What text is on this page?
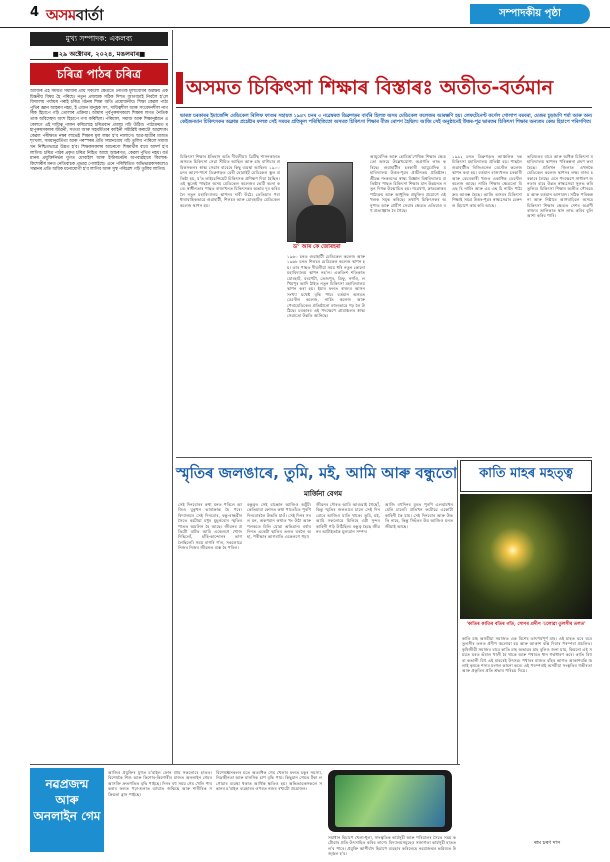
4 অসমবাৰ্তা	সম্পাদকীয় পৃষ্ঠা
মুখ্য সম্পাদক: একলব্য
■২৯ অক্টোবৰ, ২০২৪, মঙলবাৰ■
চৰিত্ৰ পাঠৰ চৰিত্ৰ
আজিৰ এই সময়ত সমাজৰ প্ৰায় সকলো ক্ষেত্ৰতে নৈতিক মূল্যবোধৰ অৱক্ষয় এক চিন্তনীয় বিষয় হৈ পৰিছে। নতুন প্ৰজন্মক সঠিক দিশত আগবঢ়াই নিবলৈ হ'লে বিদ্যালয় পৰ্যায়ৰ পৰাই চৰিত্ৰ গঠনৰ শিক্ষা অতি প্ৰয়োজনীয়। শিক্ষা কেৱল পাঠ্যপুথিৰ জ্ঞান আহৰণ নহয়, ই এজন মানুহক সৎ, দায়িত্বশীল আৰু সংবেদনশীল নাগৰিক হিচাপে গঢ়ি তোলাৰ প্ৰক্ৰিয়া। আমাৰ পূৰ্বপুৰুষসকলে শিক্ষাৰ লগত নৈতিকতাক অবিচ্ছেদ্য অংশ হিচাপে গণ্য কৰিছিল। পৰিয়াল, সমাজ আৰু শিক্ষানুষ্ঠানে একেলগে এই দায়িত্ব পালন কৰিলেহে চৰিত্ৰবান প্ৰজন্ম গঢ়ি উঠিব। পাঠ্যক্ৰমত মহাপুৰুষসকলৰ জীৱনী, সততা আৰু সহমৰ্মিতাৰ কাহিনী সন্নিৱিষ্ট কৰাটো আৱশ্যক। কেৱল পৰীক্ষাত নম্বৰ লাভেই শিক্ষাৰ মূল লক্ষ্য হ'ব নালাগে। ছাত্ৰ-ছাত্ৰীৰ মাজত শৃংখলা, সময়ানুৱৰ্তিতা আৰু পৰস্পৰৰ প্ৰতি সন্মানবোধ গঢ়ি তুলিব পাৰিলে সমাজখন নিশ্চিতভাৱে উন্নত হ'ব। শিক্ষকসকলৰ আচৰণো শিক্ষাৰ্থীৰ বাবে আদৰ্শ হ'ব লাগিব। চৰিত্ৰ পাঠৰ প্ৰকৃত চৰিত্ৰ নিহিত আছে আচৰণত, কেৱল পুথিত নহয়। বৰ্তমানৰ প্ৰযুক্তিনিৰ্ভৰ যুগত মোবাইল আৰু ইণ্টাৰনেটৰ অপব্যৱহাৰে কিশোৰ-কিশোৰীৰ মনত নেতিবাচক প্ৰভাৱ পেলাইছে। এনে পৰিস্থিতিত অভিভাৱকসকলেও সন্তানৰ প্ৰতি অধিক মনোযোগী হ'ব লাগিব আৰু সুস্থ পৰিৱেশ গঢ়ি তুলিব লাগিব।
অসমত চিকিৎসা শিক্ষাৰ বিস্তাৰঃ অতীত-বৰ্তমান
ভাৰত চৰকাৰৰ ইমাৰ্জেন্সি মেডিকেল ৰিলিফ ফাণ্ডৰ সহায়ত ১৯৪৭ চনৰ ৩ নৱেম্বৰত ডিব্ৰুগড়ৰ বাৰ্বৰি হিলত অসম মেডিকেল কলেজৰ আৰম্ভণি হয়। লেফটেনেণ্ট কৰ্ণেল গোলাপ বৰবৰা, মেজৰ চূড়ামণি শৰ্মা আৰু অন্য কেইজনমান চিকিৎসকৰ অক্লান্ত প্ৰচেষ্টাৰ ফলত সেই সময়ৰ প্ৰতিকূল পৰিস্থিতিতো অসমত চিকিৎসা শিক্ষাৰ বীজ ৰোপণ হৈছিল। আজি সেই অনুষ্ঠানেই উত্তৰ-পূৱ ভাৰতৰ চিকিৎসা শিক্ষাৰ অন্যতম কেন্দ্ৰ হিচাপে পৰিগণিত।
চিকিৎসা শিক্ষাৰ ইতিহাস অতি দীঘলীয়া। ব্ৰিটিছ শাসনকালত অসমত চিকিৎসা সেৱা সীমিত আছিল আৰু চাহ বাগিচাৰ শ্ৰমিকসকলৰ স্বাস্থ্য সেৱাৰ বাবেহে কিছু ব্যৱস্থা আছিল। ১৯০০ চনৰ আশে-পাশে ডিব্ৰুগড়ত বেৰী হোৱাইট মেডিকেল স্কুল প্ৰতিষ্ঠা হয়, য'ত লাইচেন্সিয়েট চিকিৎসক প্ৰশিক্ষণ দিয়া হৈছিল। এই স্কুলেই পাছলৈ অসম মেডিকেল কলেজৰ ভেটি ৰচনা কৰে। স্বাধীনতাৰ পাছত ৰাজ্যখনত চিকিৎসকৰ অভাৱ দূৰ কৰিবলৈ নতুন মহাবিদ্যালয় স্থাপনৰ দাবী উঠে। তেতিয়াৰ পৰা ধাৰাবাহিকভাৱে গুৱাহাটী, শিলচৰ আৰু যোৰহাটত মেডিকেল কলেজ স্থাপন হয়।
ড° আৰ কে জোৰহৰা
১৯৬০ চনত গুৱাহাটী মেডিকেল কলেজ আৰু ১৯৬৮ চনত শিলচৰ মেডিকেল কলেজ স্থাপন হয়। তাৰ পাছত দীঘলীয়া সময় ধৰি নতুন কোনো মহাবিদ্যালয় স্থাপন নহ'ল। একবিংশ শতিকাত যোৰহাট, বৰপেটা, তেজপুৰ, ডিফু, নগাঁও, লখিমপুৰ আদি ঠাইত নতুন চিকিৎসা মহাবিদ্যালয় স্থাপন কৰা হয়। ইয়াৰ ফলত ৰাজ্যৰ আসন সংখ্যা যথেষ্ট বৃদ্ধি পায়। বৰ্তমান অসমত ডেণ্টেল কলেজ, নাৰ্চিং কলেজ আৰু পেৰামেডিকেল প্ৰতিষ্ঠানো বহুলভাৱে গঢ় লৈ উঠিছে। চৰকাৰৰ এই পদক্ষেপে গ্ৰামাঞ্চলৰ স্বাস্থ্যসেৱাতো উন্নতি আনিছে।
আয়ুৰ্বেদিক আৰু হোমিঅ'পেথিক শিক্ষাৰ ক্ষেত্ৰতো অসমে উল্লেখযোগ্য অগ্ৰগতি লাভ কৰিছে। গুৱাহাটীৰ চৰকাৰী আয়ুৰ্বেদিক মহাবিদ্যালয় উত্তৰ-পূৱৰ প্ৰাচীনতম প্ৰতিষ্ঠান। শ্ৰীমন্ত শংকৰদেৱ স্বাস্থ্য বিজ্ঞান বিশ্ববিদ্যালয় প্ৰতিষ্ঠাৰ পাছত চিকিৎসা শিক্ষাৰ মান উন্নয়নত নতুন দিগন্ত উন্মোচিত হয়। গৱেষণা, স্নাতকোত্তৰ পাঠ্যক্ৰম আৰু আধুনিক প্ৰযুক্তিৰ প্ৰয়োগে এই খণ্ডক সমৃদ্ধ কৰিছে। তথাপি চিকিৎসকৰ অনুপাত আৰু গ্ৰামীণ সেৱাৰ ক্ষেত্ৰত এতিয়াও বহু প্ৰত্যাহ্বান ৰৈ গৈছে।
১৯৯২ চনত ডিব্ৰুগড়ত আঞ্চলিক দন্ত চিকিৎসা মহাবিদ্যালয় প্ৰতিষ্ঠা হয়। পাছলৈ গুৱাহাটীত ৰিজিওনেল ডেণ্টেল কলেজ স্থাপন কৰা হয়। বৰ্তমান ৰাজ্যখনত চৰকাৰী আৰু বেচৰকাৰী খণ্ডত একাধিক ডেণ্টেল কলেজ আছে। নাৰ্চিং শিক্ষাৰ ক্ষেত্ৰতো বি এছ চি নাৰ্চিং আৰু এম এছ চি নাৰ্চিং পাঠ্যক্ৰম আৰম্ভ হৈছে। আজি অসমৰ চিকিৎসা শিক্ষাই সমগ্ৰ উত্তৰ-পূৱৰ স্বাস্থ্যসেৱাৰ মেৰুদণ্ড হিচাপে কাম কৰি আছে।
ভৱিষ্যতৰ বাবে আৰু অধিক চিকিৎসা মহাবিদ্যালয় স্থাপনৰ পৰিকল্পনা গ্ৰহণ কৰা হৈছে। প্ৰতিখন জিলাত এখনকৈ মেডিকেল কলেজ স্থাপনৰ লক্ষ্য ৰাজ্য চৰকাৰে লৈছে। এনে পদক্ষেপে সাধাৰণ জনতাৰ বাবে উন্নত স্বাস্থ্যসেৱা সুলভ কৰি তুলিব। চিকিৎসা শিক্ষাৰ অতীত গৌৰৱময় আৰু বৰ্তমান আশাপ্ৰদ। সঠিক পৰিকল্পনা আৰু নিষ্ঠাৰে আগবাঢ়িলে অসমে চিকিৎসা শিক্ষাৰ ক্ষেত্ৰত দেশৰ অগ্ৰণী ৰাজ্যৰ তালিকাত স্থান লাভ কৰিব বুলি আশা কৰিব পাৰি।
স্মৃতিৰ জলঙাৰে, তুমি, মই, আমি আৰু বন্ধুতো
মাৰ্জিনা বেগম
সেই দিনবোৰৰ কথা মনত পৰিলে আজিও বুকুখন ভাৰাক্ৰান্ত হৈ পৰে। বিদ্যালয়ৰ সেই দিনবোৰ, বন্ধু-বান্ধৱীৰ সৈতে কটোৱা মধুৰ মুহূৰ্তবোৰ স্মৃতিৰ পাতত অমলিন হৈ আছে। জীৱনৰ প্ৰতিটো বাটত আমি একেলগে খোজ দিছিলোঁ, হাঁহি-কান্দোনৰ ভাগ লৈছিলোঁ। সময় বাগৰি গ'ল, সকলোৱে নিজৰ নিজৰ জীৱনত ব্যস্ত হৈ পৰিল।
বন্ধুত্বৰ সেই বান্ধোন আজিও অটুট। কেতিয়াবা ফোনত কথা পাতোঁতে পুৰণি দিনবোৰলৈ উভতি যাওঁ। সেই দিনৰ সৰল মন, অকণমান কথাত খং উঠা আৰু পলকতে মিলি যোৱা অভিমান। বৰ্ষাৰ দিনত একেটা ছাতিৰ তলত ঘৰলৈ অহা, পৰীক্ষাৰ আগৰাতি একেলগে পঢ়া।
জীৱনৰ দৌৰত আমি আগুৱাই গৈছোঁ, কিন্তু স্মৃতিৰ জলঙাৰে চালে সেই দিনবোৰে আজিও মাতি থাকে। তুমি, মই, আমি সকলোৱে মিলিহে এটা সুন্দৰ কাহিনী গঢ়ি উঠিছিল। বন্ধুত্ব হৈছে জীৱনৰ আটাইতকৈ মূল্যৱান সম্পদ।
আজি বহুদিনৰ মূৰত পুৰণি এলবামখন মেলি চালোঁ। প্ৰতিখন ফটোৱে একোটা কাহিনী কৈ যায়। সেই দিনবোৰ আৰু উভতি নাহে, কিন্তু সিহঁতৰ উম আজিও মনত জীয়াই আছে।
কাতি মাহৰ মহত্ত্ব
'কাতিৰ কাতিৰ বতিৰ গতি, সোণৰ প্ৰদীপ জ্বলোৱা তুলসীৰ তলত'
কাতি মাহ অসমীয়া সমাজত এক বিশেষ তাৎপৰ্যপূৰ্ণ মাহ। এই মাহত ঘৰে ঘৰে তুলসীৰ তলত প্ৰদীপ জ্বলোৱা হয় আৰু আকাশ বন্তি দিয়াৰ পৰম্পৰা প্ৰচলিত। কৃষিজীৱী সমাজৰ বাবে কাতি মাহ অভাৱৰ মাহ বুলিও জনা যায়, কিয়নো এই সময়ত ঘৰত ভঁৰাল খালী হৈ থাকে আৰু পথাৰত ধান গৰ্ভধাৰণ কৰে। কাতি বিহু বা কঙালী বিহু এই মাহৰেই উৎসৱ। পথাৰৰ মাজত বাঁহৰ আগত আকাশবন্তি জ্বলাই কৃষকে শস্যৰ মংগল কামনা কৰে। এই পৰম্পৰাই অসমীয়া সংস্কৃতিৰ গভীৰতা আৰু প্ৰকৃতিৰ প্ৰতি শ্ৰদ্ধাৰ পৰিচয় দিয়ে।
ৰাম চৰণ দাস
নৱপ্ৰজন্ম আৰু অনলাইন গেম
আজিৰ প্ৰযুক্তিৰ যুগত ম'বাইল ফোন প্ৰায় সকলোৰে হাতত। বিশেষকৈ শিশু আৰু কিশোৰ-কিশোৰীৰ মাজত অনলাইন গেমৰ আসক্তি দ্ৰুতগতিত বৃদ্ধি পাইছে। দিনৰ বহু সময় গেম খেলি পাৰ কৰাৰ ফলত পঢ়া-শুনাত ব্যাঘাত জন্মিছে আৰু শাৰীৰিক সক্ৰিয়তা হ্ৰাস পাইছে।
বিশেষজ্ঞসকলৰ মতে অত্যধিক গেম খেলাৰ ফলত চকুৰ সমস্যা, নিদ্ৰাহীনতা আৰু মানসিক চাপ বৃদ্ধি পায়। কিছুমান গেমত টকা লগোৱাৰ ব্যৱস্থা থকাত আৰ্থিক ক্ষতিও হয়। অভিভাৱকসকলে সন্তানৰ ম'বাইল ব্যৱহাৰৰ ওপৰত নজৰ ৰখাটো প্ৰয়োজন।
সমাধান হিচাপে খেলা-ধূলা, সাংস্কৃতিক কাৰ্যসূচী আৰু পৰিয়ালৰ সৈতে সময় কটোৱাৰ প্ৰতি উৎসাহিত কৰিব লাগে। বিদ্যালয়সমূহেও সজাগতা কাৰ্যসূচী হাতত ল'ব পাৰে। প্ৰযুক্তি আশীৰ্বাদ হিচাপে ব্যৱহাৰ কৰিলেহে নৱপ্ৰজন্মৰ ভৱিষ্যত উজ্জ্বল হ'ব।
